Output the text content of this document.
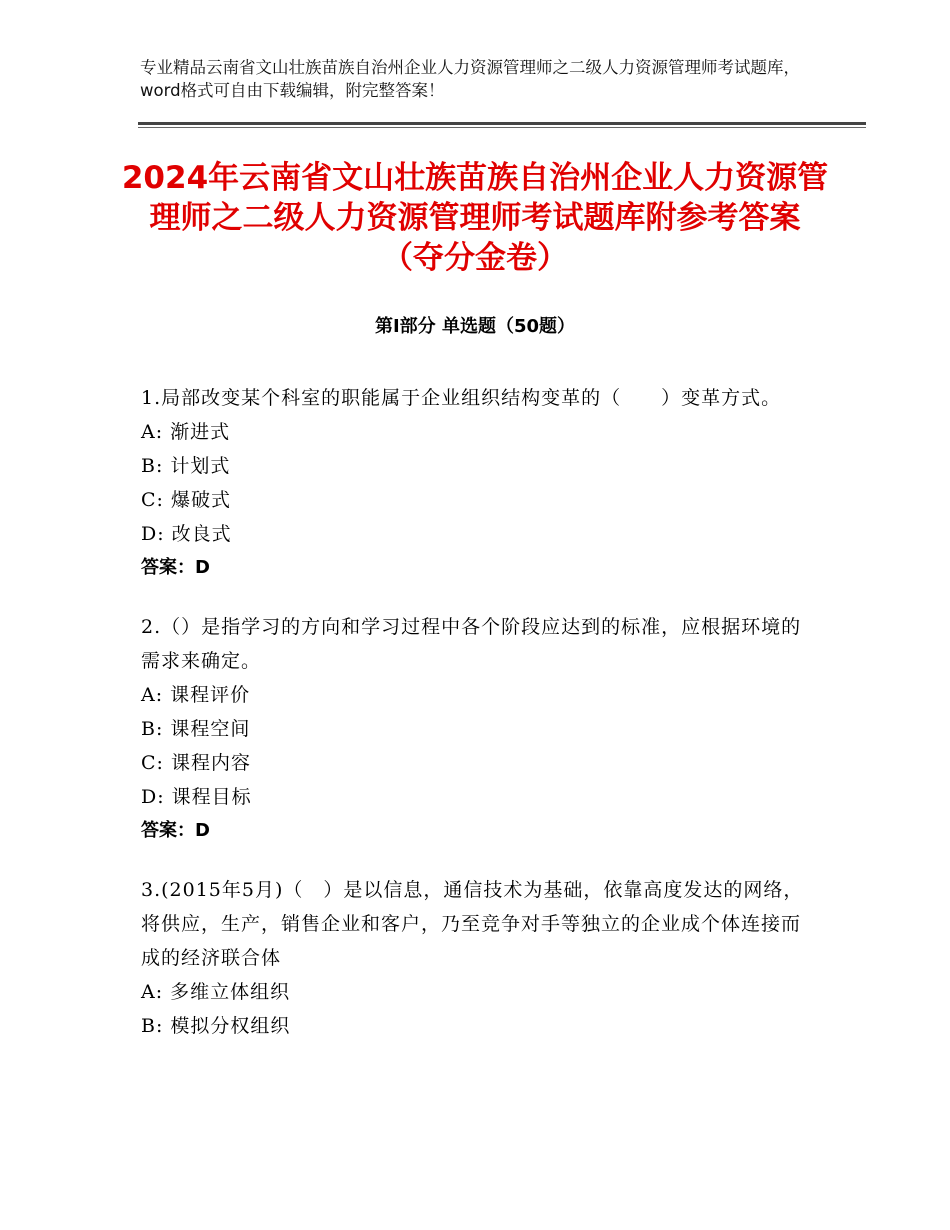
专业精品云南省文山壮族苗族自治州企业人力资源管理师之二级人力资源管理师考试题库，word格式可自由下载编辑，附完整答案！
2024年云南省文山壮族苗族自治州企业人力资源管理师之二级人力资源管理师考试题库附参考答案（夺分金卷）
第Ⅰ部分 单选题（50题）

1.局部改变某个科室的职能属于企业组织结构变革的（　　）变革方式。

A: 渐进式

B: 计划式

C: 爆破式

D: 改良式

答案：D

2.（）是指学习的方向和学习过程中各个阶段应达到的标准，应根据环境的需求来确定。

A: 课程评价

B: 课程空间

C: 课程内容

D: 课程目标

答案：D

3.(2015年5月)（　）是以信息，通信技术为基础，依靠高度发达的网络，将供应，生产，销售企业和客户，乃至竞争对手等独立的企业成个体连接而成的经济联合体

A: 多维立体组织

B: 模拟分权组织
